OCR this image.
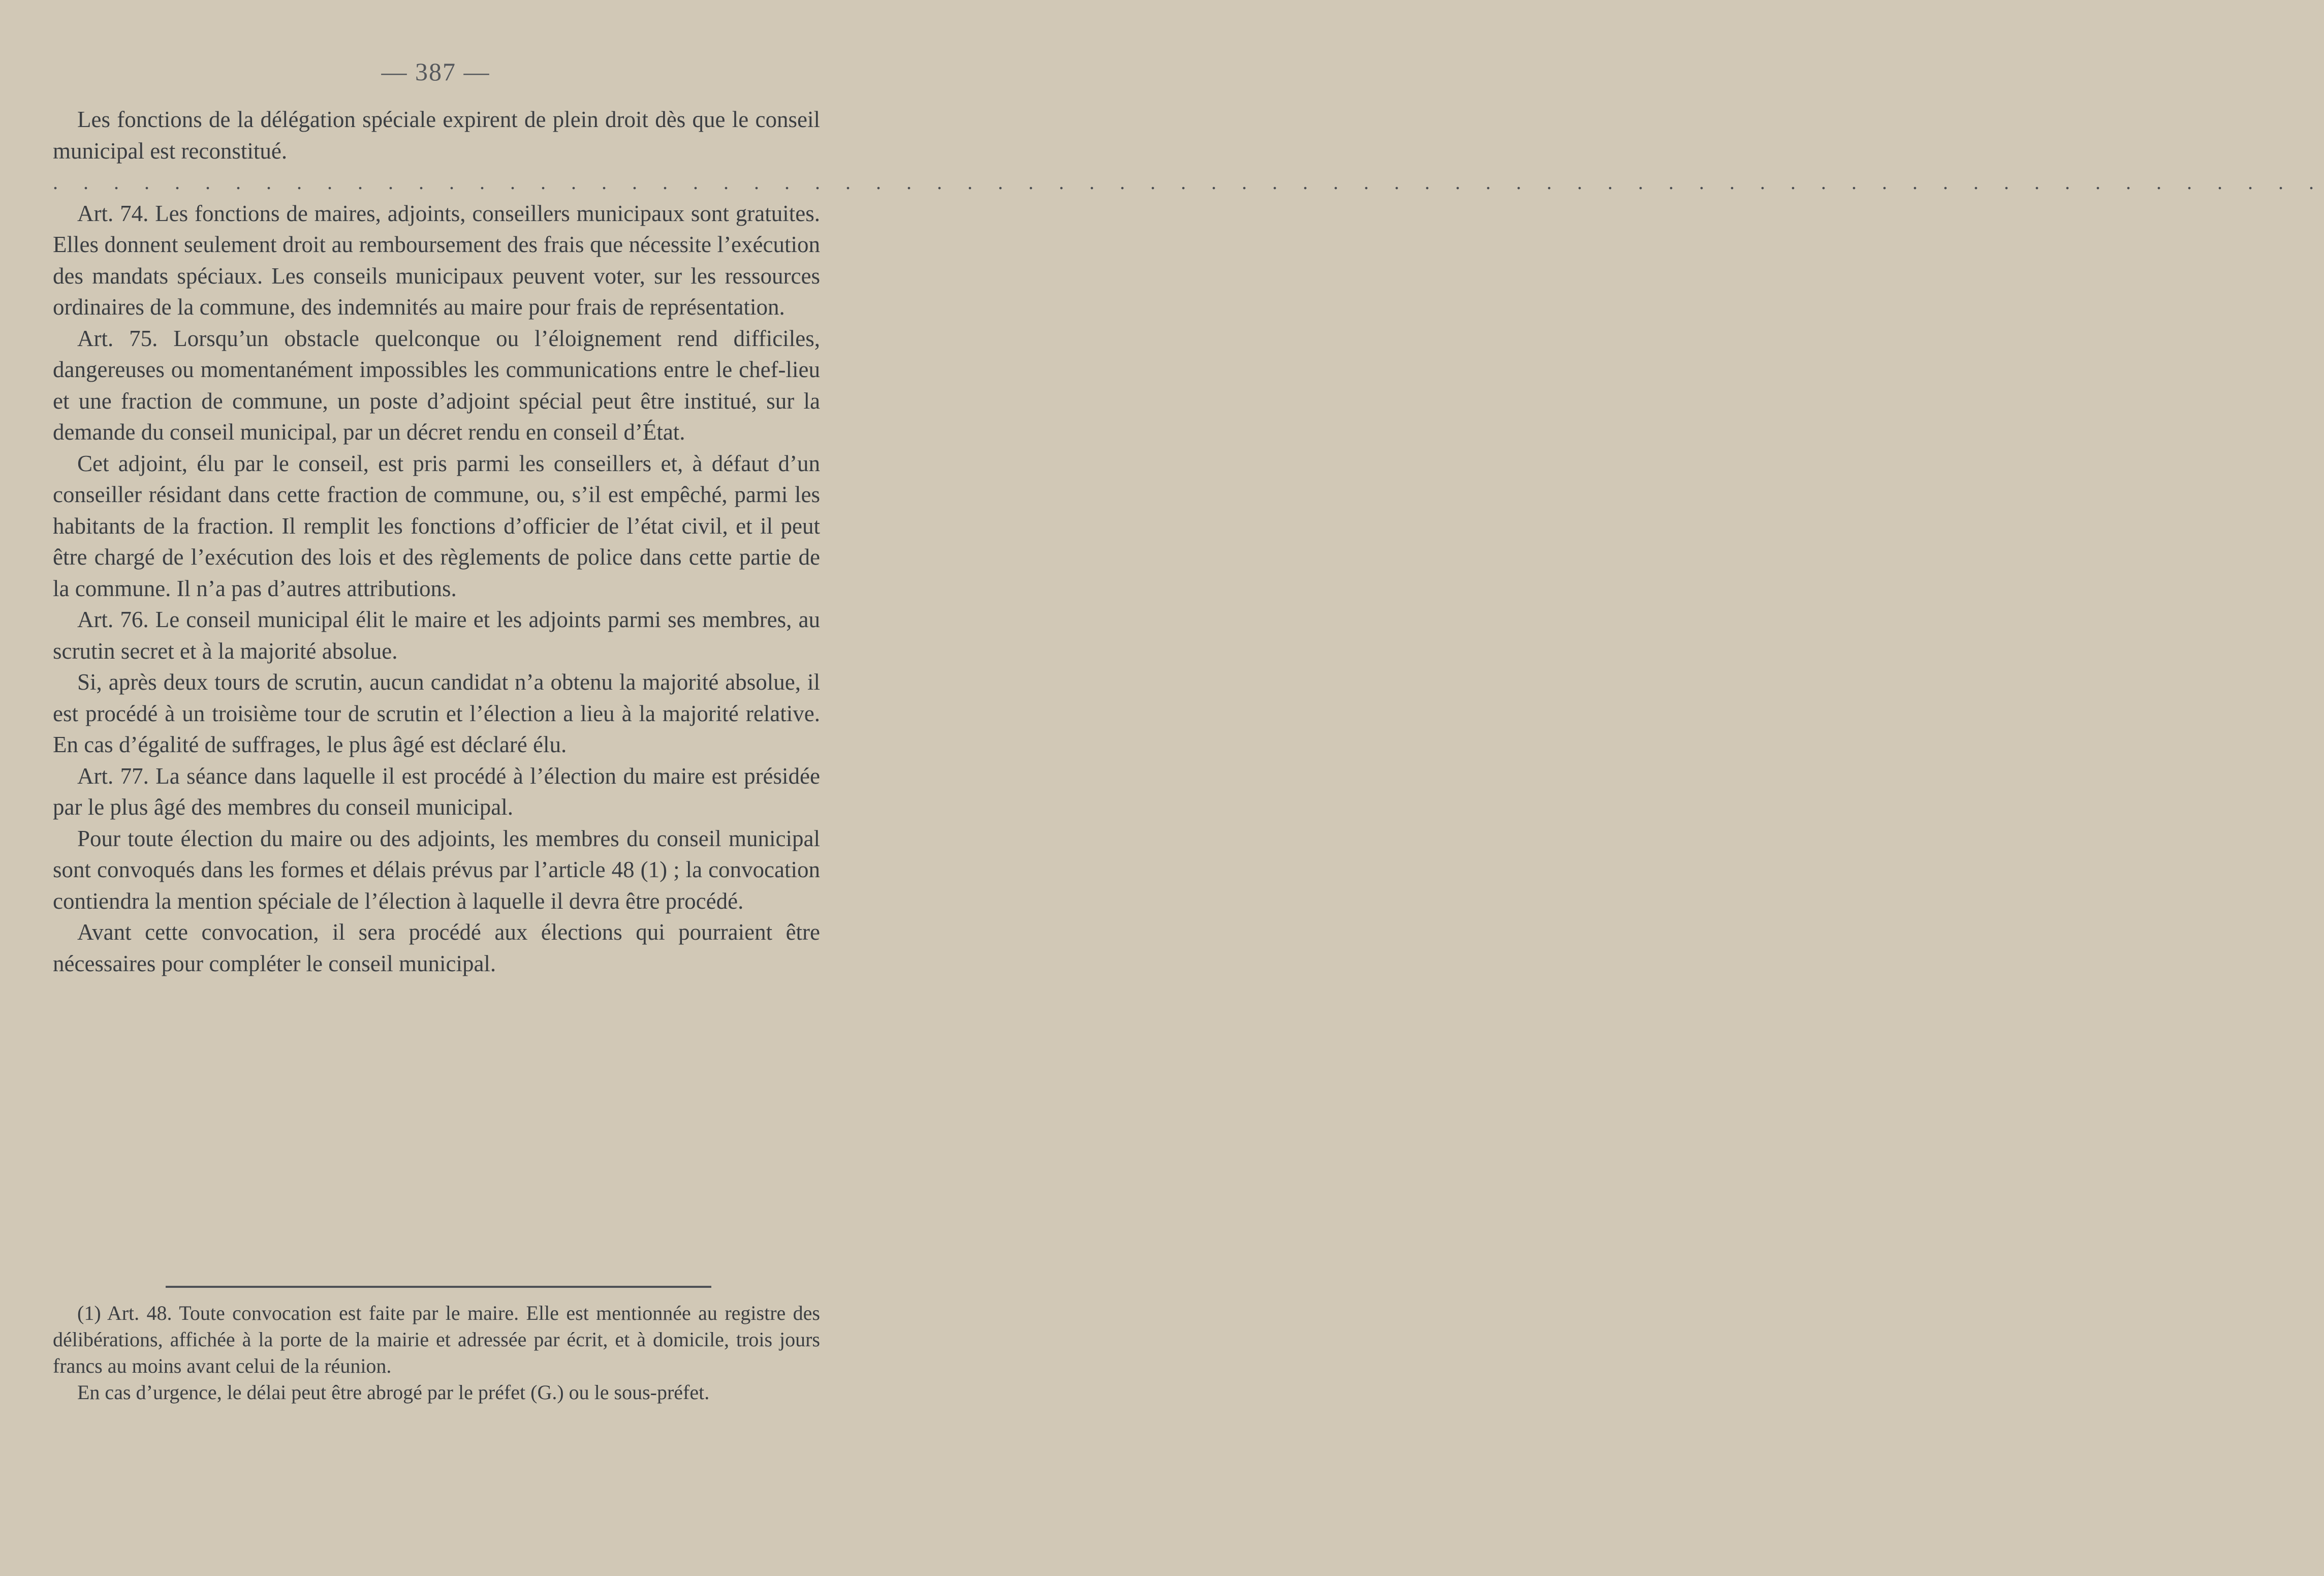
— 387 —

Les fonctions de la délégation spéciale expirent de plein droit dès que le conseil municipal est reconstitué.

. . . . . . . . . . . . . . . . . . . . . . . . . . . . . . . . . . . . . . . . . . . . . . . . . . . . . . . . . . . . . . . . . . . . . . . . . . .

Art. 74. Les fonctions de maires, adjoints, conseillers municipaux sont gratuites. Elles donnent seulement droit au remboursement des frais que nécessite l’exécution des mandats spéciaux. Les conseils municipaux peuvent voter, sur les ressources ordinaires de la commune, des indemnités au maire pour frais de représentation.

Art. 75. Lorsqu’un obstacle quelconque ou l’éloignement rend difficiles, dangereuses ou momentanément impossibles les communications entre le chef-lieu et une fraction de commune, un poste d’adjoint spécial peut être institué, sur la demande du conseil municipal, par un décret rendu en conseil d’État.

Cet adjoint, élu par le conseil, est pris parmi les conseillers et, à défaut d’un conseiller résidant dans cette fraction de commune, ou, s’il est empêché, parmi les habitants de la fraction. Il remplit les fonctions d’officier de l’état civil, et il peut être chargé de l’exécution des lois et des règlements de police dans cette partie de la commune. Il n’a pas d’autres attributions.

Art. 76. Le conseil municipal élit le maire et les adjoints parmi ses membres, au scrutin secret et à la majorité absolue.

Si, après deux tours de scrutin, aucun candidat n’a obtenu la majorité absolue, il est procédé à un troisième tour de scrutin et l’élection a lieu à la majorité relative. En cas d’égalité de suffrages, le plus âgé est déclaré élu.

Art. 77. La séance dans laquelle il est procédé à l’élection du maire est présidée par le plus âgé des membres du conseil municipal.

Pour toute élection du maire ou des adjoints, les membres du conseil municipal sont convoqués dans les formes et délais prévus par l’article 48 (1) ; la convocation contiendra la mention spéciale de l’élection à laquelle il devra être procédé.

Avant cette convocation, il sera procédé aux élections qui pourraient être nécessaires pour compléter le conseil municipal.

(1) Art. 48. Toute convocation est faite par le maire. Elle est mentionnée au registre des délibérations, affichée à la porte de la mairie et adressée par écrit, et à domicile, trois jours francs au moins avant celui de la réunion.

En cas d’urgence, le délai peut être abrogé par le préfet (G.) ou le sous-préfet.
